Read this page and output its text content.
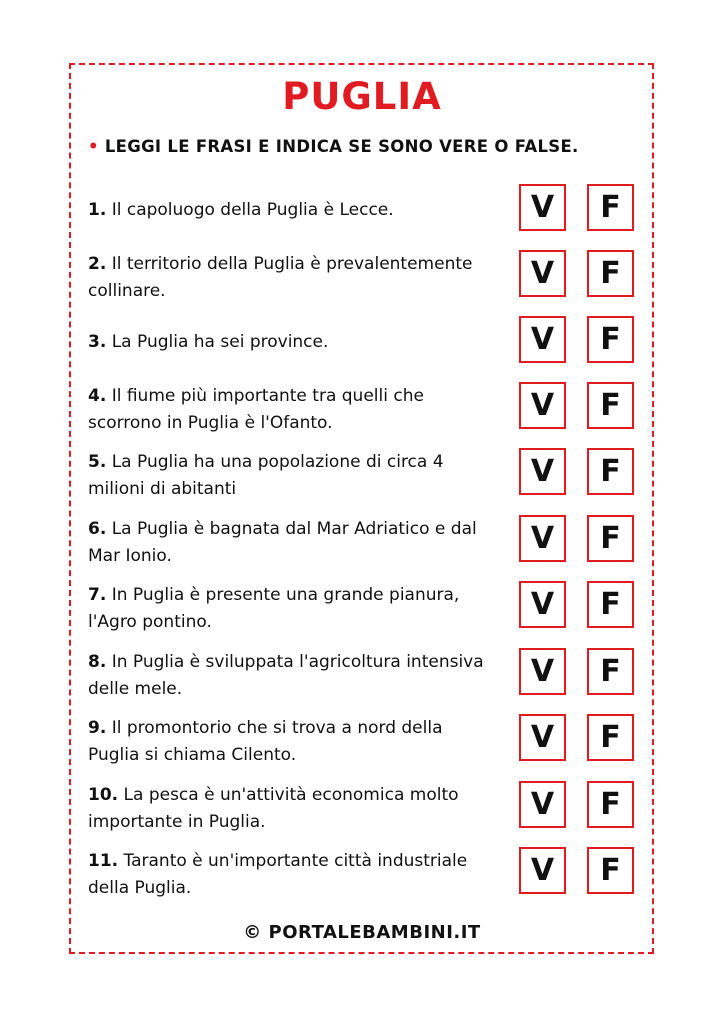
PUGLIA
• LEGGI LE FRASI E INDICA SE SONO VERE O FALSE.
1. Il capoluogo della Puglia è Lecce.	V	F
2. Il territorio della Puglia è prevalentemente collinare.	V	F
3. La Puglia ha sei province.	V	F
4. Il fiume più importante tra quelli che scorrono in Puglia è l'Ofanto.	V	F
5. La Puglia ha una popolazione di circa 4 milioni di abitanti	V	F
6. La Puglia è bagnata dal Mar Adriatico e dal Mar Ionio.	V	F
7. In Puglia è presente una grande pianura, l'Agro pontino.	V	F
8. In Puglia è sviluppata l'agricoltura intensiva delle mele.	V	F
9. Il promontorio che si trova a nord della Puglia si chiama Cilento.	V	F
10. La pesca è un'attività economica molto importante in Puglia.	V	F
11. Taranto è un'importante città industriale della Puglia.	V	F
© PORTALEBAMBINI.IT
